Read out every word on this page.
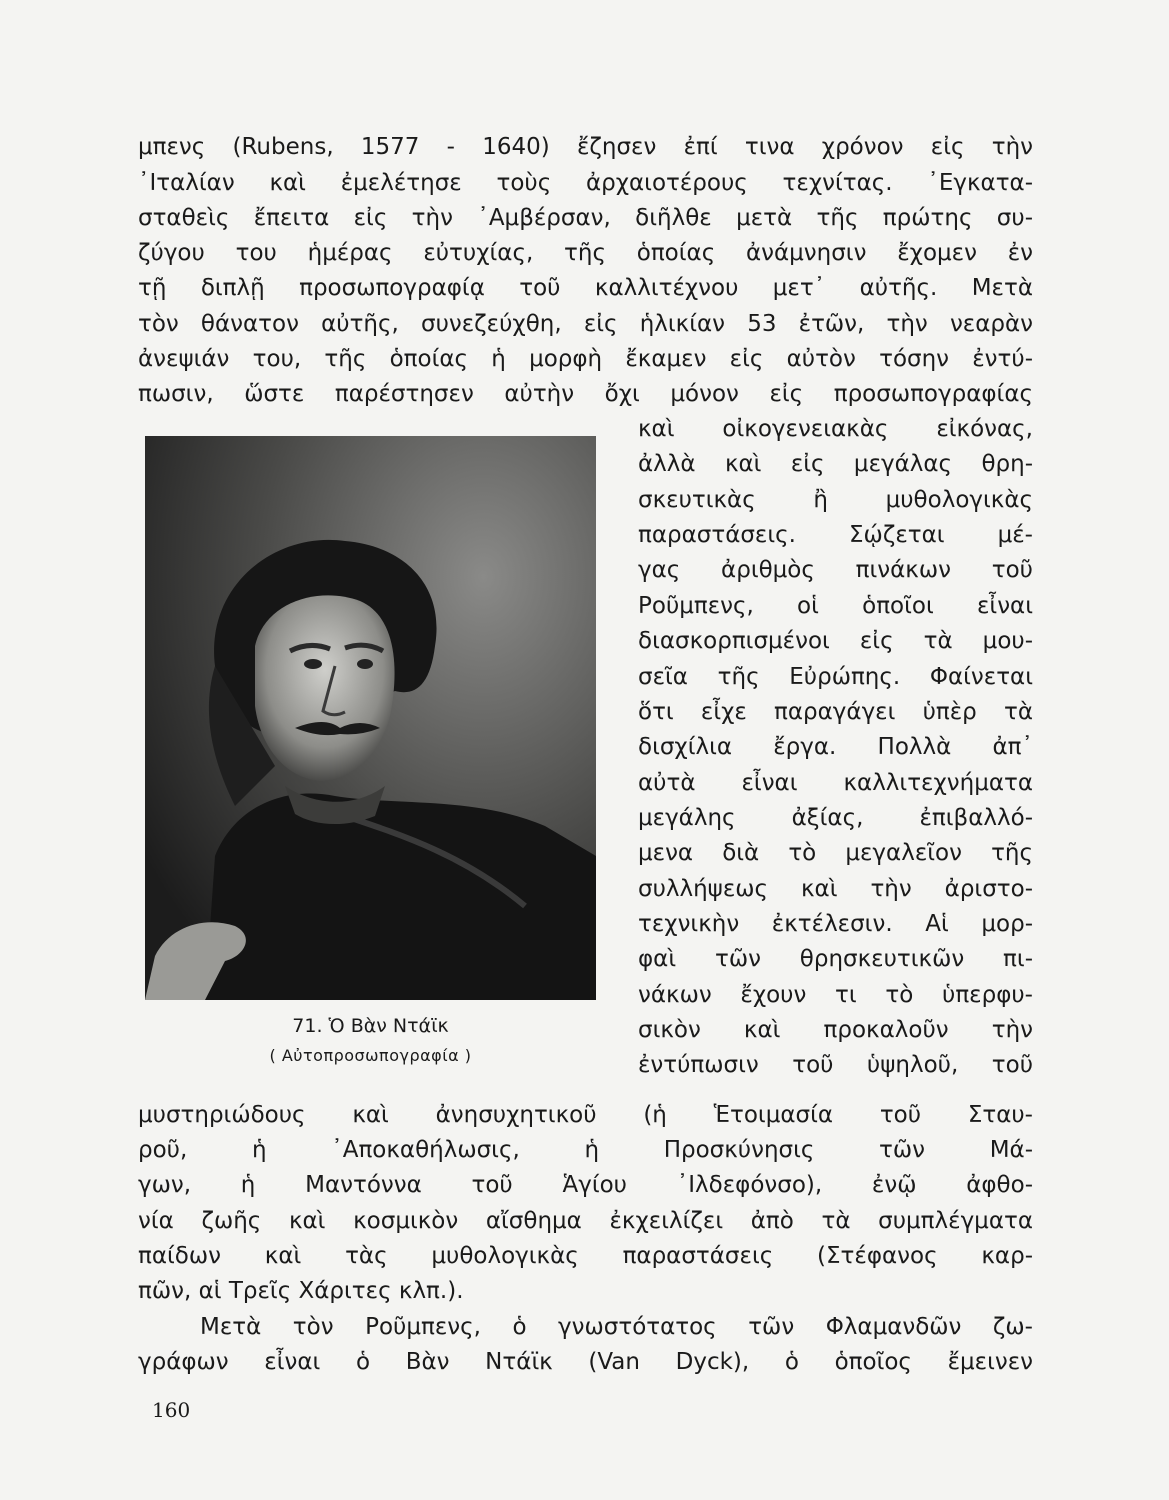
μπενς (Rubens, 1577 - 1640) ἔζησεν ἐπί τινα χρόνον εἰς τὴν
᾿Ιταλίαν καὶ ἐμελέτησε τοὺς ἀρχαιοτέρους τεχνίτας. ᾿Εγκατα-
σταθεὶς ἔπειτα εἰς τὴν ᾿Αμβέρσαν, διῆλθε μετὰ τῆς πρώτης συ-
ζύγου του ἡμέρας εὐτυχίας, τῆς ὁποίας ἀνάμνησιν ἔχομεν ἐν
τῇ διπλῇ προσωπογραφίᾳ τοῦ καλλιτέχνου μετ᾿ αὐτῆς. Μετὰ
τὸν θάνατον αὐτῆς, συνεζεύχθη, εἰς ἡλικίαν 53 ἐτῶν, τὴν νεαρὰν
ἀνεψιάν του, τῆς ὁποίας ἡ μορφὴ ἔκαμεν εἰς αὐτὸν τόσην ἐντύ-
πωσιν, ὥστε παρέστησεν αὐτὴν ὄχι μόνον εἰς προσωπογραφίας
καὶ οἰκογενειακὰς εἰκόνας,
ἀλλὰ καὶ εἰς μεγάλας θρη-
σκευτικὰς ἢ μυθολογικὰς
παραστάσεις. Σῴζεται μέ-
γας ἀριθμὸς πινάκων τοῦ
Ροῦμπενς, οἱ ὁποῖοι εἶναι
διασκορπισμένοι εἰς τὰ μου-
σεῖα τῆς Εὐρώπης. Φαίνεται
ὅτι εἶχε παραγάγει ὑπὲρ τὰ
δισχίλια ἔργα. Πολλὰ ἀπ᾿
αὐτὰ εἶναι καλλιτεχνήματα
μεγάλης ἀξίας, ἐπιβαλλό-
μενα διὰ τὸ μεγαλεῖον τῆς
συλλήψεως καὶ τὴν ἀριστο-
τεχνικὴν ἐκτέλεσιν. Αἱ μορ-
φαὶ τῶν θρησκευτικῶν πι-
νάκων ἔχουν τι τὸ ὑπερφυ-
σικὸν καὶ προκαλοῦν τὴν
ἐντύπωσιν τοῦ ὑψηλοῦ, τοῦ
71. Ὁ Βὰν Ντάϊκ
( Αὐτοπροσωπογραφία )
μυστηριώδους καὶ ἀνησυχητικοῦ (ἡ Ἑτοιμασία τοῦ Σταυ-
ροῦ, ἡ ᾿Αποκαθήλωσις, ἡ Προσκύνησις τῶν Μά-
γων, ἡ Μαντόννα τοῦ Ἁγίου ᾿Ιλδεφόνσο), ἐνῷ ἀφθο-
νία ζωῆς καὶ κοσμικὸν αἴσθημα ἐκχειλίζει ἀπὸ τὰ συμπλέγματα
παίδων καὶ τὰς μυθολογικὰς παραστάσεις (Στέφανος καρ-
πῶν, αἱ Τρεῖς Χάριτες κλπ.).
Μετὰ τὸν Ροῦμπενς, ὁ γνωστότατος τῶν Φλαμανδῶν ζω-
γράφων εἶναι ὁ Βὰν Ντάϊκ (Van Dyck), ὁ ὁποῖος ἔμεινεν
160
